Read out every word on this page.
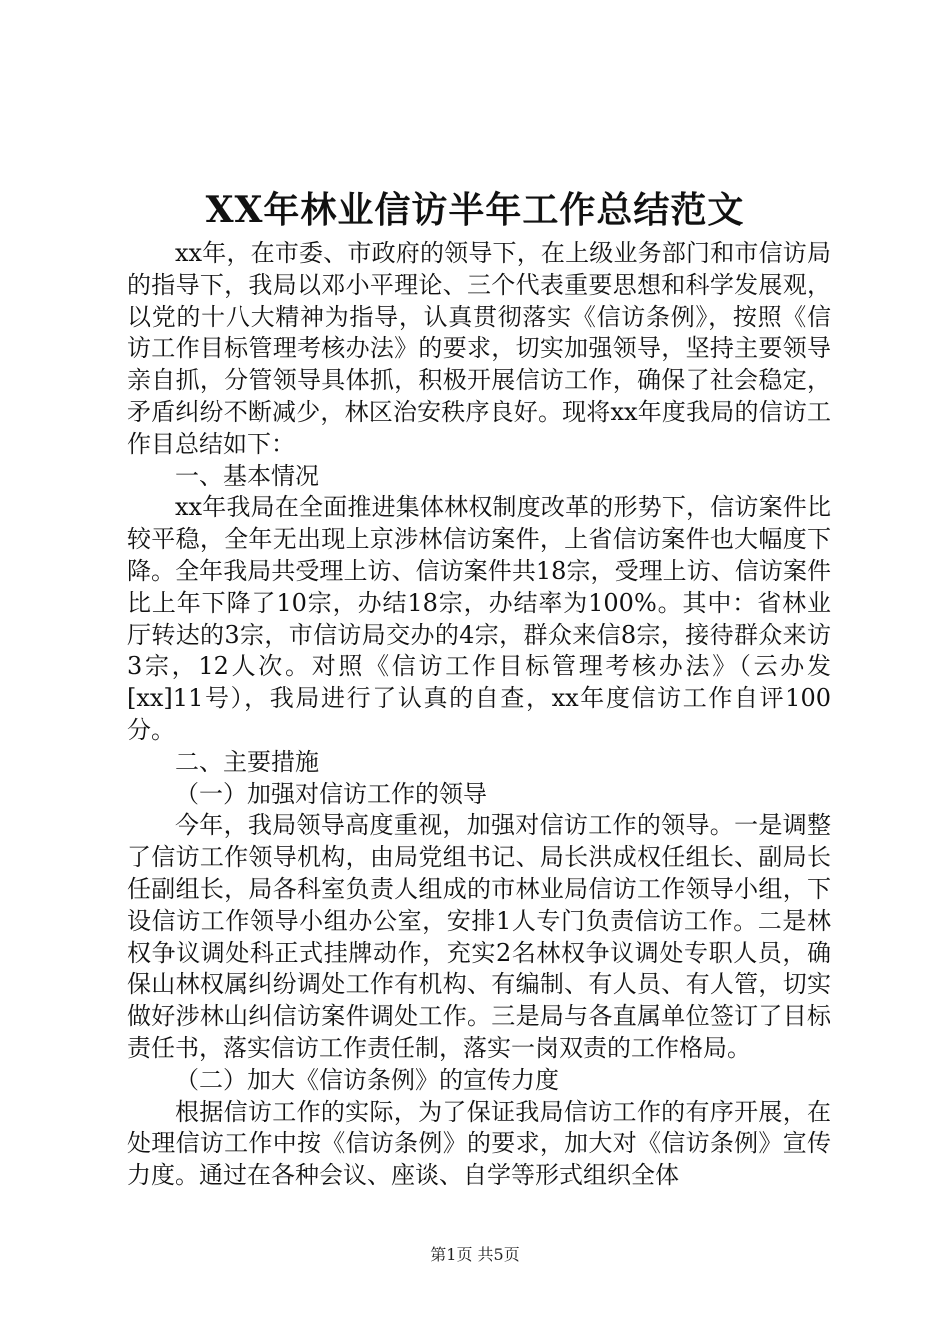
XX年林业信访半年工作总结范文

xx年，在市委、市政府的领导下，在上级业务部门和市信访局的指导下，我局以邓小平理论、三个代表重要思想和科学发展观，以党的十八大精神为指导，认真贯彻落实《信访条例》，按照《信访工作目标管理考核办法》的要求，切实加强领导，坚持主要领导亲自抓，分管领导具体抓，积极开展信访工作，确保了社会稳定，矛盾纠纷不断减少，林区治安秩序良好。现将xx年度我局的信访工作目总结如下：

一、基本情况

xx年我局在全面推进集体林权制度改革的形势下，信访案件比较平稳，全年无出现上京涉林信访案件，上省信访案件也大幅度下降。全年我局共受理上访、信访案件共18宗，受理上访、信访案件比上年下降了10宗，办结18宗，办结率为100%。其中：省林业厅转达的3宗，市信访局交办的4宗，群众来信8宗，接待群众来访3宗，12人次。对照《信访工作目标管理考核办法》（云办发[xx]11号），我局进行了认真的自查，xx年度信访工作自评100分。

二、主要措施

（一）加强对信访工作的领导

今年，我局领导高度重视，加强对信访工作的领导。一是调整了信访工作领导机构，由局党组书记、局长洪成权任组长、副局长任副组长，局各科室负责人组成的市林业局信访工作领导小组，下设信访工作领导小组办公室，安排1人专门负责信访工作。二是林权争议调处科正式挂牌动作，充实2名林权争议调处专职人员，确保山林权属纠纷调处工作有机构、有编制、有人员、有人管，切实做好涉林山纠信访案件调处工作。三是局与各直属单位签订了目标责任书，落实信访工作责任制，落实一岗双责的工作格局。

（二）加大《信访条例》的宣传力度

根据信访工作的实际，为了保证我局信访工作的有序开展，在处理信访工作中按《信访条例》的要求，加大对《信访条例》宣传力度。通过在各种会议、座谈、自学等形式组织全体

第1页 共5页
